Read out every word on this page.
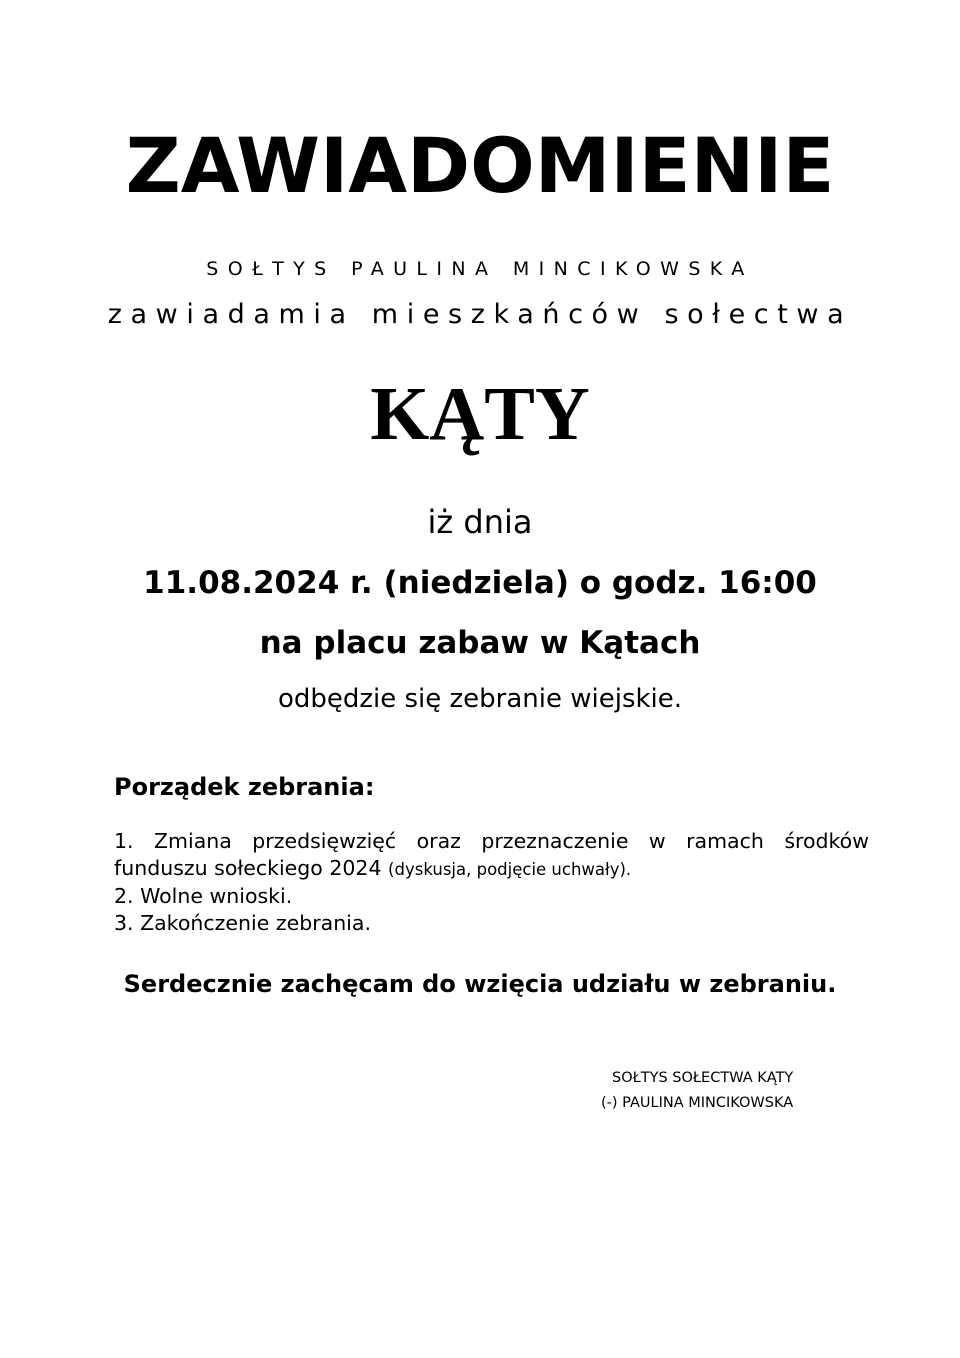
ZAWIADOMIENIE
SOŁTYS PAULINA MINCIKOWSKA
zawiadamia mieszkańców sołectwa
KĄTY
iż dnia
11.08.2024 r. (niedziela) o godz. 16:00
na placu zabaw w Kątach
odbędzie się zebranie wiejskie.
Porządek zebrania:
1. Zmiana przedsięwzięć oraz przeznaczenie w ramach środków funduszu sołeckiego 2024 (dyskusja, podjęcie uchwały).
2. Wolne wnioski.
3. Zakończenie zebrania.
Serdecznie zachęcam do wzięcia udziału w zebraniu.
SOŁTYS SOŁECTWA KĄTY
(-) PAULINA MINCIKOWSKA
